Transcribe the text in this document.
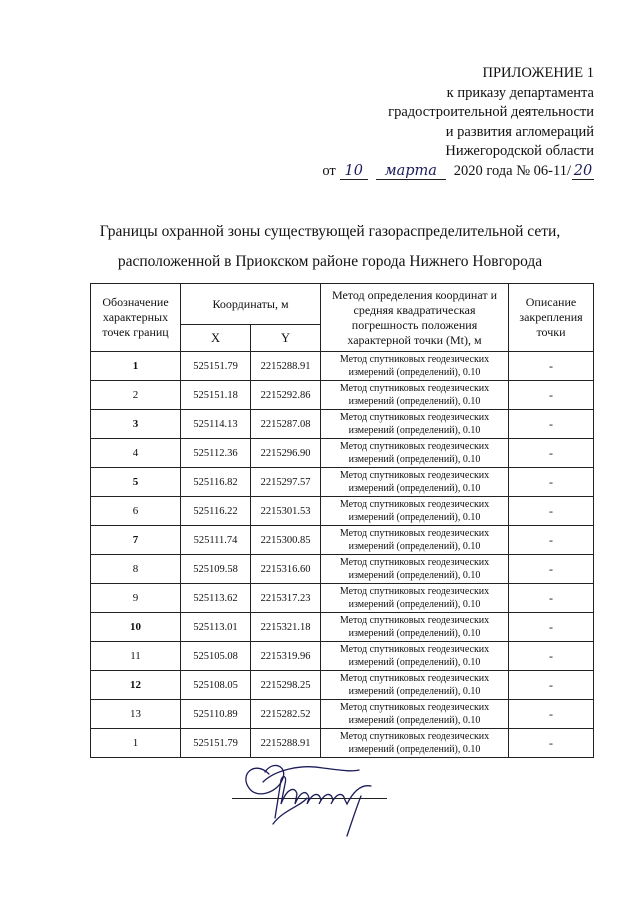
ПРИЛОЖЕНИЕ 1
к приказу департамента
градостроительной деятельности
и развития агломераций
Нижегородской области
от 10 марта 2020 года № 06-11/ 20
Границы охранной зоны существующей газораспределительной сети,
расположенной в Приокском районе города Нижнего Новгорода
Обозначение характерных точек границ	Координаты, м		Метод определения координат и средняя квадратическая погрешность положения характерной точки (Mt), м	Описание закрепления точки
	X	Y		
1	525151.79	2215288.91	Метод спутниковых геодезических измерений (определений), 0.10	-
2	525151.18	2215292.86	Метод спутниковых геодезических измерений (определений), 0.10	-
3	525114.13	2215287.08	Метод спутниковых геодезических измерений (определений), 0.10	-
4	525112.36	2215296.90	Метод спутниковых геодезических измерений (определений), 0.10	-
5	525116.82	2215297.57	Метод спутниковых геодезических измерений (определений), 0.10	-
6	525116.22	2215301.53	Метод спутниковых геодезических измерений (определений), 0.10	-
7	525111.74	2215300.85	Метод спутниковых геодезических измерений (определений), 0.10	-
8	525109.58	2215316.60	Метод спутниковых геодезических измерений (определений), 0.10	-
9	525113.62	2215317.23	Метод спутниковых геодезических измерений (определений), 0.10	-
10	525113.01	2215321.18	Метод спутниковых геодезических измерений (определений), 0.10	-
11	525105.08	2215319.96	Метод спутниковых геодезических измерений (определений), 0.10	-
12	525108.05	2215298.25	Метод спутниковых геодезических измерений (определений), 0.10	-
13	525110.89	2215282.52	Метод спутниковых геодезических измерений (определений), 0.10	-
1	525151.79	2215288.91	Метод спутниковых геодезических измерений (определений), 0.10	-
